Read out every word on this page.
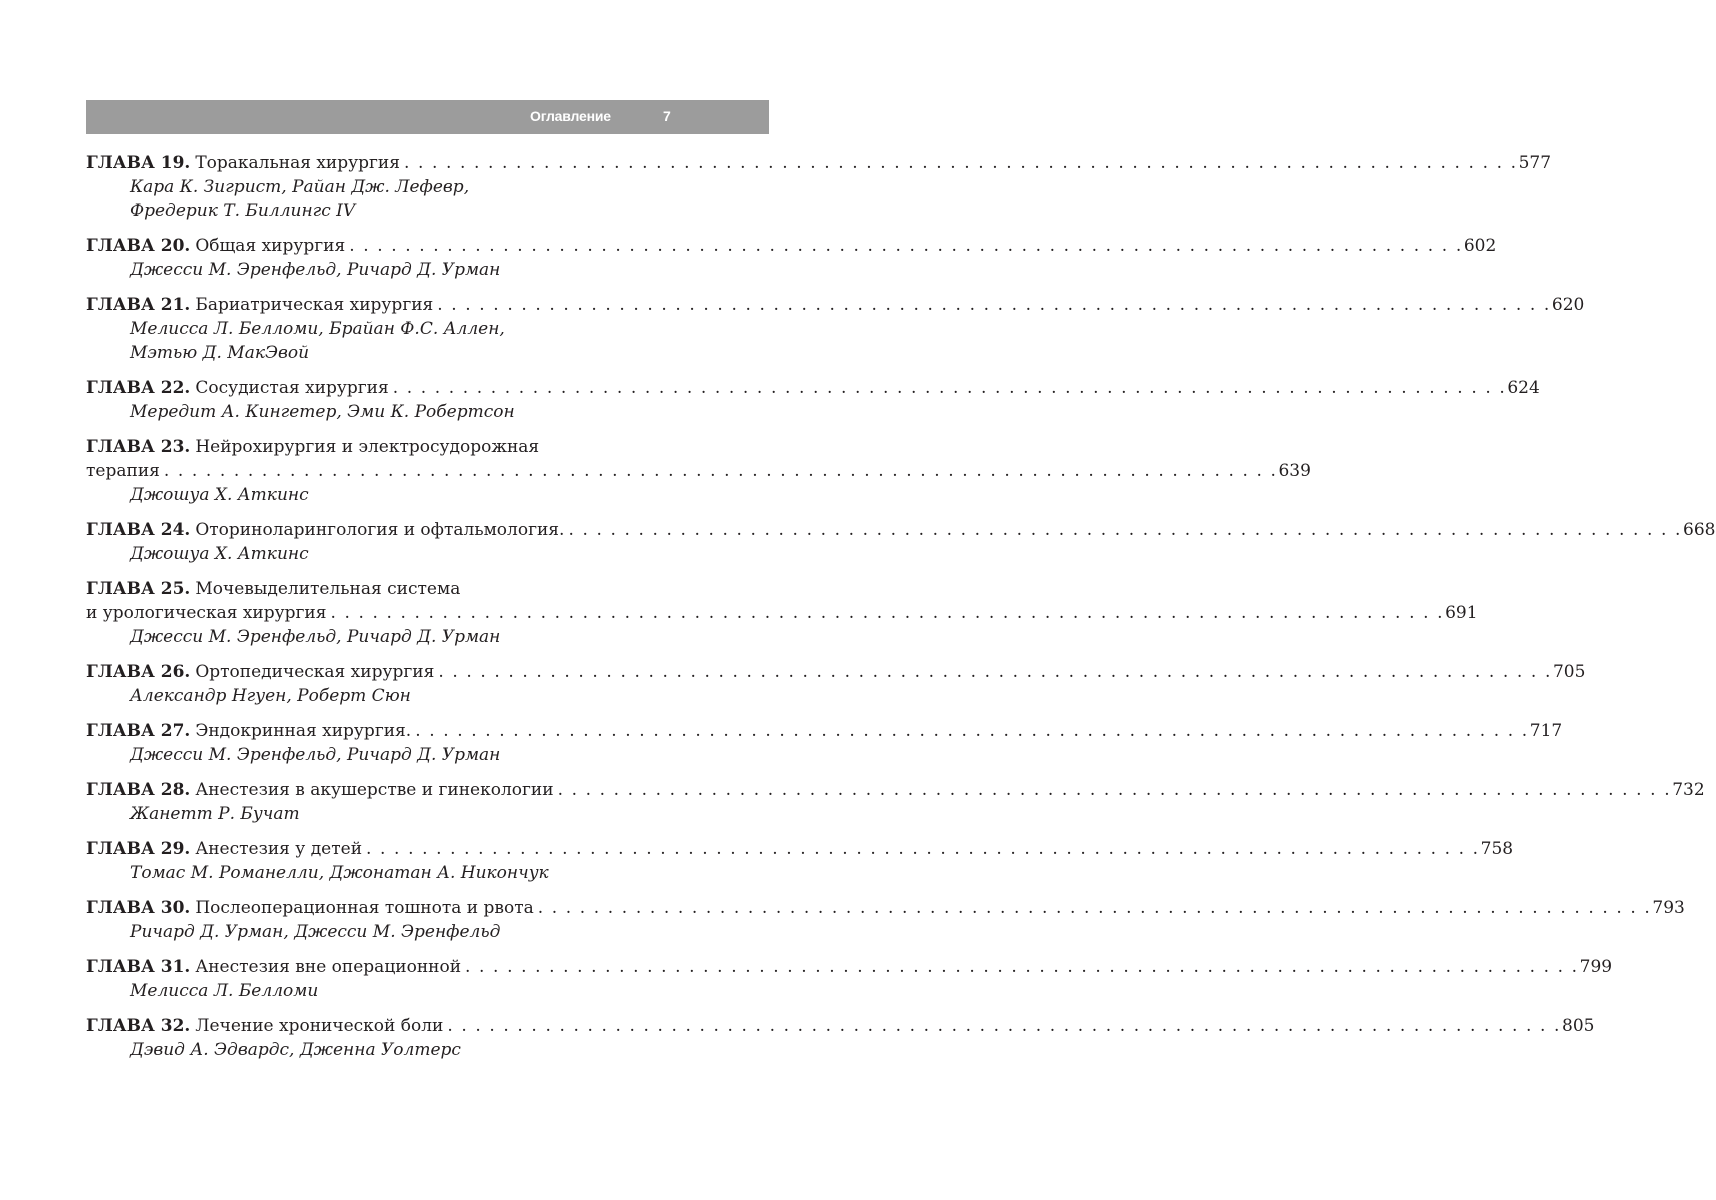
Оглавление	7
ГЛАВА 19. Торакальная хирургия . . . . . . . . . . . . . . . . . . . . . . . . . . . . . . . . . . . . . . . . . . . . . . . . . . . . . . . . . . . . . . . . . . . . . . . . . . . . . . . . 577
Кара К. Зигрист, Райан Дж. Лефевр,
Фредерик Т. Биллингс IV
ГЛАВА 20. Общая хирургия . . . . . . . . . . . . . . . . . . . . . . . . . . . . . . . . . . . . . . . . . . . . . . . . . . . . . . . . . . . . . . . . . . . . . . . . . . . . . . . . 602
Джесси М. Эренфельд, Ричард Д. Урман
ГЛАВА 21. Бариатрическая хирургия . . . . . . . . . . . . . . . . . . . . . . . . . . . . . . . . . . . . . . . . . . . . . . . . . . . . . . . . . . . . . . . . . . . . . . . . . . . . . . . . 620
Мелисса Л. Белломи, Брайан Ф.С. Аллен,
Мэтью Д. МакЭвой
ГЛАВА 22. Сосудистая хирургия . . . . . . . . . . . . . . . . . . . . . . . . . . . . . . . . . . . . . . . . . . . . . . . . . . . . . . . . . . . . . . . . . . . . . . . . . . . . . . . . 624
Мередит А. Кингетер, Эми К. Робертсон
ГЛАВА 23. Нейрохирургия и электросудорожная
терапия . . . . . . . . . . . . . . . . . . . . . . . . . . . . . . . . . . . . . . . . . . . . . . . . . . . . . . . . . . . . . . . . . . . . . . . . . . . . . . . . 639
Джошуа Х. Аткинс
ГЛАВА 24. Оториноларингология и офтальмология. . . . . . . . . . . . . . . . . . . . . . . . . . . . . . . . . . . . . . . . . . . . . . . . . . . . . . . . . . . . . . . . . . . . . . . . . . . . . . . . . 668
Джошуа Х. Аткинс
ГЛАВА 25. Мочевыделительная система
и урологическая хирургия . . . . . . . . . . . . . . . . . . . . . . . . . . . . . . . . . . . . . . . . . . . . . . . . . . . . . . . . . . . . . . . . . . . . . . . . . . . . . . . . 691
Джесси М. Эренфельд, Ричард Д. Урман
ГЛАВА 26. Ортопедическая хирургия . . . . . . . . . . . . . . . . . . . . . . . . . . . . . . . . . . . . . . . . . . . . . . . . . . . . . . . . . . . . . . . . . . . . . . . . . . . . . . . . 705
Александр Нгуен, Роберт Сюн
ГЛАВА 27. Эндокринная хирургия. . . . . . . . . . . . . . . . . . . . . . . . . . . . . . . . . . . . . . . . . . . . . . . . . . . . . . . . . . . . . . . . . . . . . . . . . . . . . . . . . 717
Джесси М. Эренфельд, Ричард Д. Урман
ГЛАВА 28. Анестезия в акушерстве и гинекологии . . . . . . . . . . . . . . . . . . . . . . . . . . . . . . . . . . . . . . . . . . . . . . . . . . . . . . . . . . . . . . . . . . . . . . . . . . . . . . . . 732
Жанетт Р. Бучат
ГЛАВА 29. Анестезия у детей . . . . . . . . . . . . . . . . . . . . . . . . . . . . . . . . . . . . . . . . . . . . . . . . . . . . . . . . . . . . . . . . . . . . . . . . . . . . . . . . 758
Томас М. Романелли, Джонатан А. Никончук
ГЛАВА 30. Послеоперационная тошнота и рвота . . . . . . . . . . . . . . . . . . . . . . . . . . . . . . . . . . . . . . . . . . . . . . . . . . . . . . . . . . . . . . . . . . . . . . . . . . . . . . . . 793
Ричард Д. Урман, Джесси М. Эренфельд
ГЛАВА 31. Анестезия вне операционной . . . . . . . . . . . . . . . . . . . . . . . . . . . . . . . . . . . . . . . . . . . . . . . . . . . . . . . . . . . . . . . . . . . . . . . . . . . . . . . . 799
Мелисса Л. Белломи
ГЛАВА 32. Лечение хронической боли . . . . . . . . . . . . . . . . . . . . . . . . . . . . . . . . . . . . . . . . . . . . . . . . . . . . . . . . . . . . . . . . . . . . . . . . . . . . . . . . 805
Дэвид А. Эдвардс, Дженна Уолтерс
